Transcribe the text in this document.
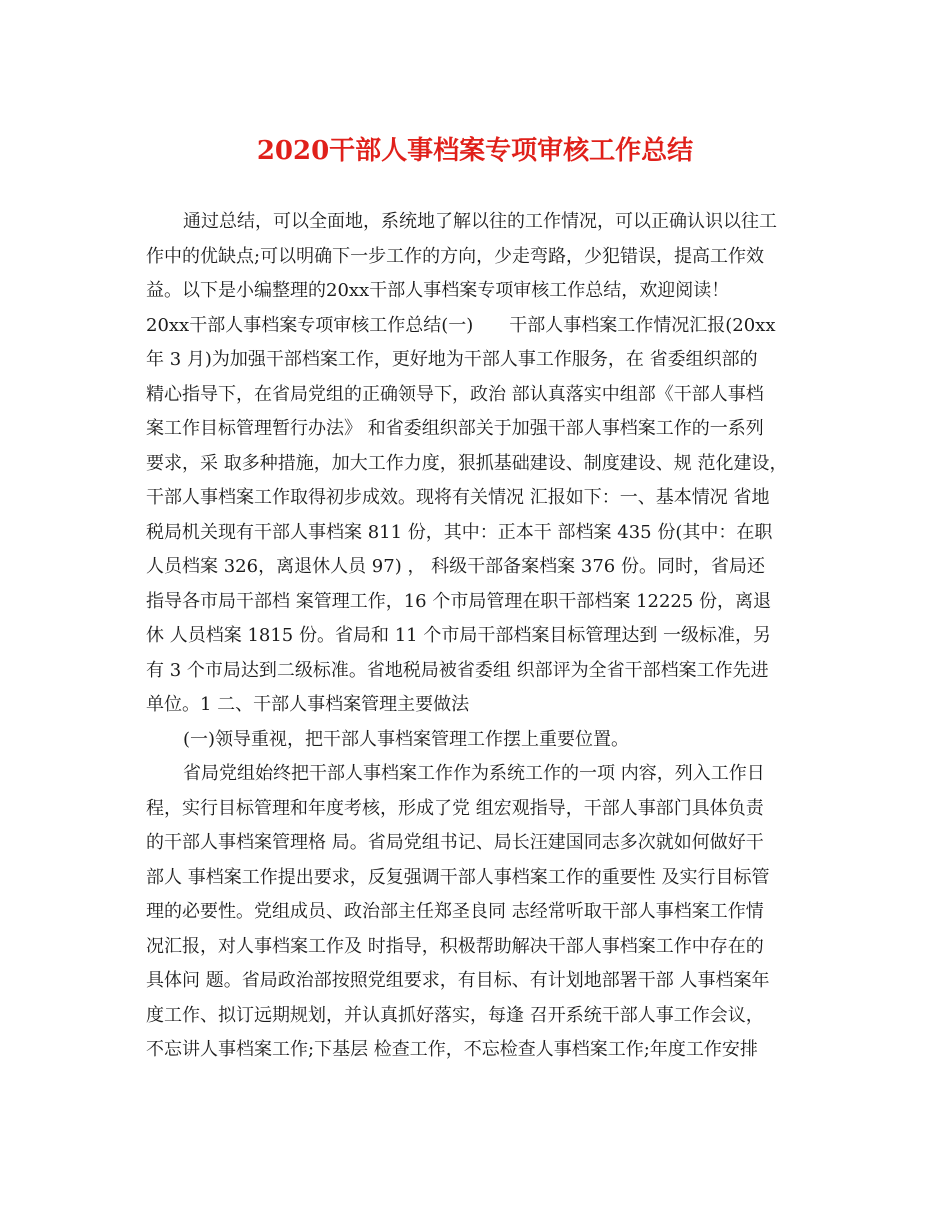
2020干部人事档案专项审核工作总结
通过总结，可以全面地，系统地了解以往的工作情况，可以正确认识以往工
作中的优缺点;可以明确下一步工作的方向，少走弯路，少犯错误，提高工作效
益。以下是小编整理的20xx干部人事档案专项审核工作总结，欢迎阅读！
20xx干部人事档案专项审核工作总结(一)　　干部人事档案工作情况汇报(20xx
年 3 月)为加强干部档案工作，更好地为干部人事工作服务，在 省委组织部的
精心指导下，在省局党组的正确领导下，政治 部认真落实中组部《干部人事档
案工作目标管理暂行办法》 和省委组织部关于加强干部人事档案工作的一系列
要求，采 取多种措施，加大工作力度，狠抓基础建设、制度建设、规 范化建设，
干部人事档案工作取得初步成效。现将有关情况 汇报如下：一、基本情况 省地
税局机关现有干部人事档案 811 份，其中：正本干 部档案 435 份(其中：在职
人员档案 326，离退休人员 97) ， 科级干部备案档案 376 份。同时，省局还
指导各市局干部档 案管理工作，16 个市局管理在职干部档案 12225 份，离退
休 人员档案 1815 份。省局和 11 个市局干部档案目标管理达到 一级标准，另
有 3 个市局达到二级标准。省地税局被省委组 织部评为全省干部档案工作先进
单位。1 二、干部人事档案管理主要做法
(一)领导重视，把干部人事档案管理工作摆上重要位置。
省局党组始终把干部人事档案工作作为系统工作的一项 内容，列入工作日
程，实行目标管理和年度考核，形成了党 组宏观指导，干部人事部门具体负责
的干部人事档案管理格 局。省局党组书记、局长汪建国同志多次就如何做好干
部人 事档案工作提出要求，反复强调干部人事档案工作的重要性 及实行目标管
理的必要性。党组成员、政治部主任郑圣良同 志经常听取干部人事档案工作情
况汇报，对人事档案工作及 时指导，积极帮助解决干部人事档案工作中存在的
具体问 题。省局政治部按照党组要求，有目标、有计划地部署干部 人事档案年
度工作、拟订远期规划，并认真抓好落实，每逢 召开系统干部人事工作会议，
不忘讲人事档案工作;下基层 检查工作，不忘检查人事档案工作;年度工作安排
